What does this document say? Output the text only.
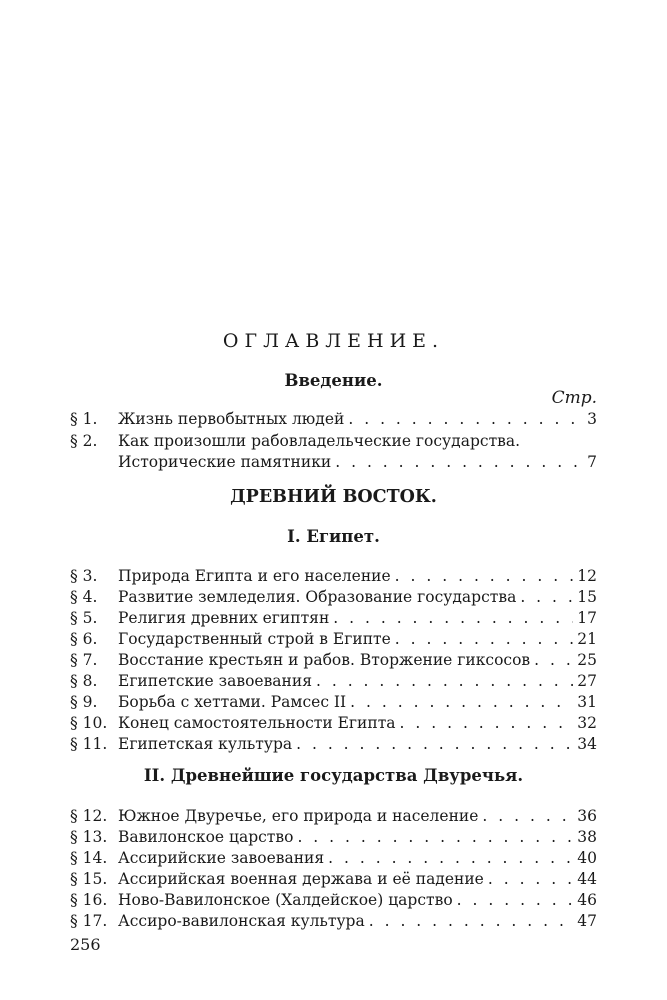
ОГЛАВЛЕНИЕ.
Введение.
Стр.
§ 1.	Жизнь первобытных людей . . .	3
§ 2.	Как произошли рабовладельческие государства.
Исторические памятники . . .	7
ДРЕВНИЙ ВОСТОК.
I. Египет.
§ 3.	Природа Египта и его население . . .	12
§ 4.	Развитие земледелия. Образование государства . . .	15
§ 5.	Религия древних египтян . . .	17
§ 6.	Государственный строй в Египте . . .	21
§ 7.	Восстание крестьян и рабов. Вторжение гиксосов . . .	25
§ 8.	Египетские завоевания . . .	27
§ 9.	Борьба с хеттами. Рамсес II . . .	31
§ 10. Конец самостоятельности Египта . . .	32
§ 11. Египетская культура . . .	34
II. Древнейшие государства Двуречья.
§ 12. Южное Двуречье, его природа и население . . .	36
§ 13. Вавилонское царство . . .	38
§ 14. Ассирийские завоевания . . .	40
§ 15. Ассирийская военная держава и её падение . . .	44
§ 16. Ново-Вавилонское (Халдейское) царство . . .	46
§ 17. Ассиро-вавилонская культура . . .	47
256
